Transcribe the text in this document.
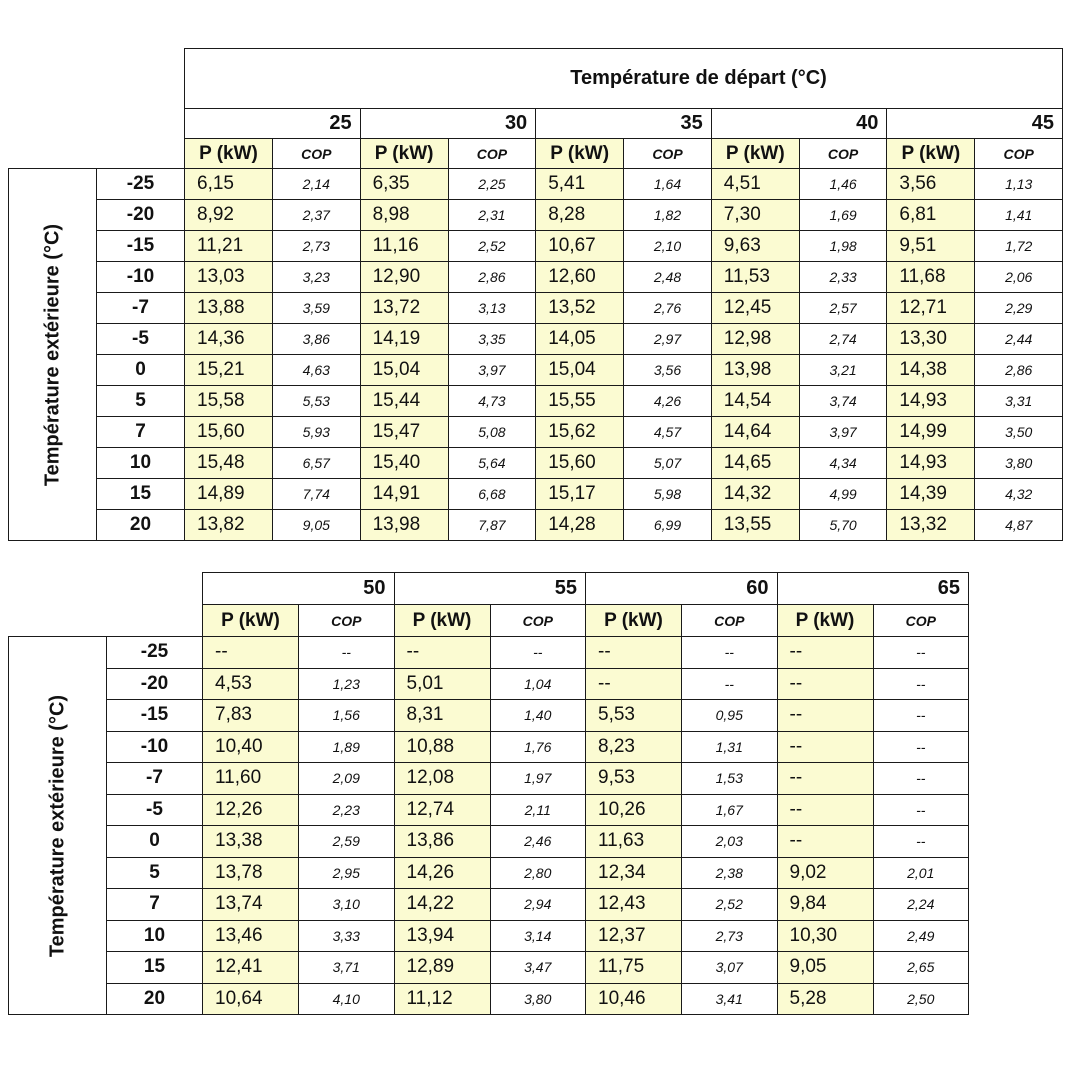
		Température de départ (°C)									
		25		30		35		40		45	
		P (kW)	COP	P (kW)	COP	P (kW)	COP	P (kW)	COP	P (kW)	COP

Température extérieure (°C)	-25	6,15	2,14	6,35	2,25	5,41	1,64	4,51	1,46	3,56	1,13
	-20	8,92	2,37	8,98	2,31	8,28	1,82	7,30	1,69	6,81	1,41
	-15	11,21	2,73	11,16	2,52	10,67	2,10	9,63	1,98	9,51	1,72
	-10	13,03	3,23	12,90	2,86	12,60	2,48	11,53	2,33	11,68	2,06
	-7	13,88	3,59	13,72	3,13	13,52	2,76	12,45	2,57	12,71	2,29
	-5	14,36	3,86	14,19	3,35	14,05	2,97	12,98	2,74	13,30	2,44
	0	15,21	4,63	15,04	3,97	15,04	3,56	13,98	3,21	14,38	2,86
	5	15,58	5,53	15,44	4,73	15,55	4,26	14,54	3,74	14,93	3,31
	7	15,60	5,93	15,47	5,08	15,62	4,57	14,64	3,97	14,99	3,50
	10	15,48	6,57	15,40	5,64	15,60	5,07	14,65	4,34	14,93	3,80
	15	14,89	7,74	14,91	6,68	15,17	5,98	14,32	4,99	14,39	4,32
	20	13,82	9,05	13,98	7,87	14,28	6,99	13,55	5,70	13,32	4,87
		50		55		60		65	
		P (kW)	COP	P (kW)	COP	P (kW)	COP	P (kW)	COP

Température extérieure (°C)	-25	--	--	--	--	--	--	--	--
	-20	4,53	1,23	5,01	1,04	--	--	--	--
	-15	7,83	1,56	8,31	1,40	5,53	0,95	--	--
	-10	10,40	1,89	10,88	1,76	8,23	1,31	--	--
	-7	11,60	2,09	12,08	1,97	9,53	1,53	--	--
	-5	12,26	2,23	12,74	2,11	10,26	1,67	--	--
	0	13,38	2,59	13,86	2,46	11,63	2,03	--	--
	5	13,78	2,95	14,26	2,80	12,34	2,38	9,02	2,01
	7	13,74	3,10	14,22	2,94	12,43	2,52	9,84	2,24
	10	13,46	3,33	13,94	3,14	12,37	2,73	10,30	2,49
	15	12,41	3,71	12,89	3,47	11,75	3,07	9,05	2,65
	20	10,64	4,10	11,12	3,80	10,46	3,41	5,28	2,50
